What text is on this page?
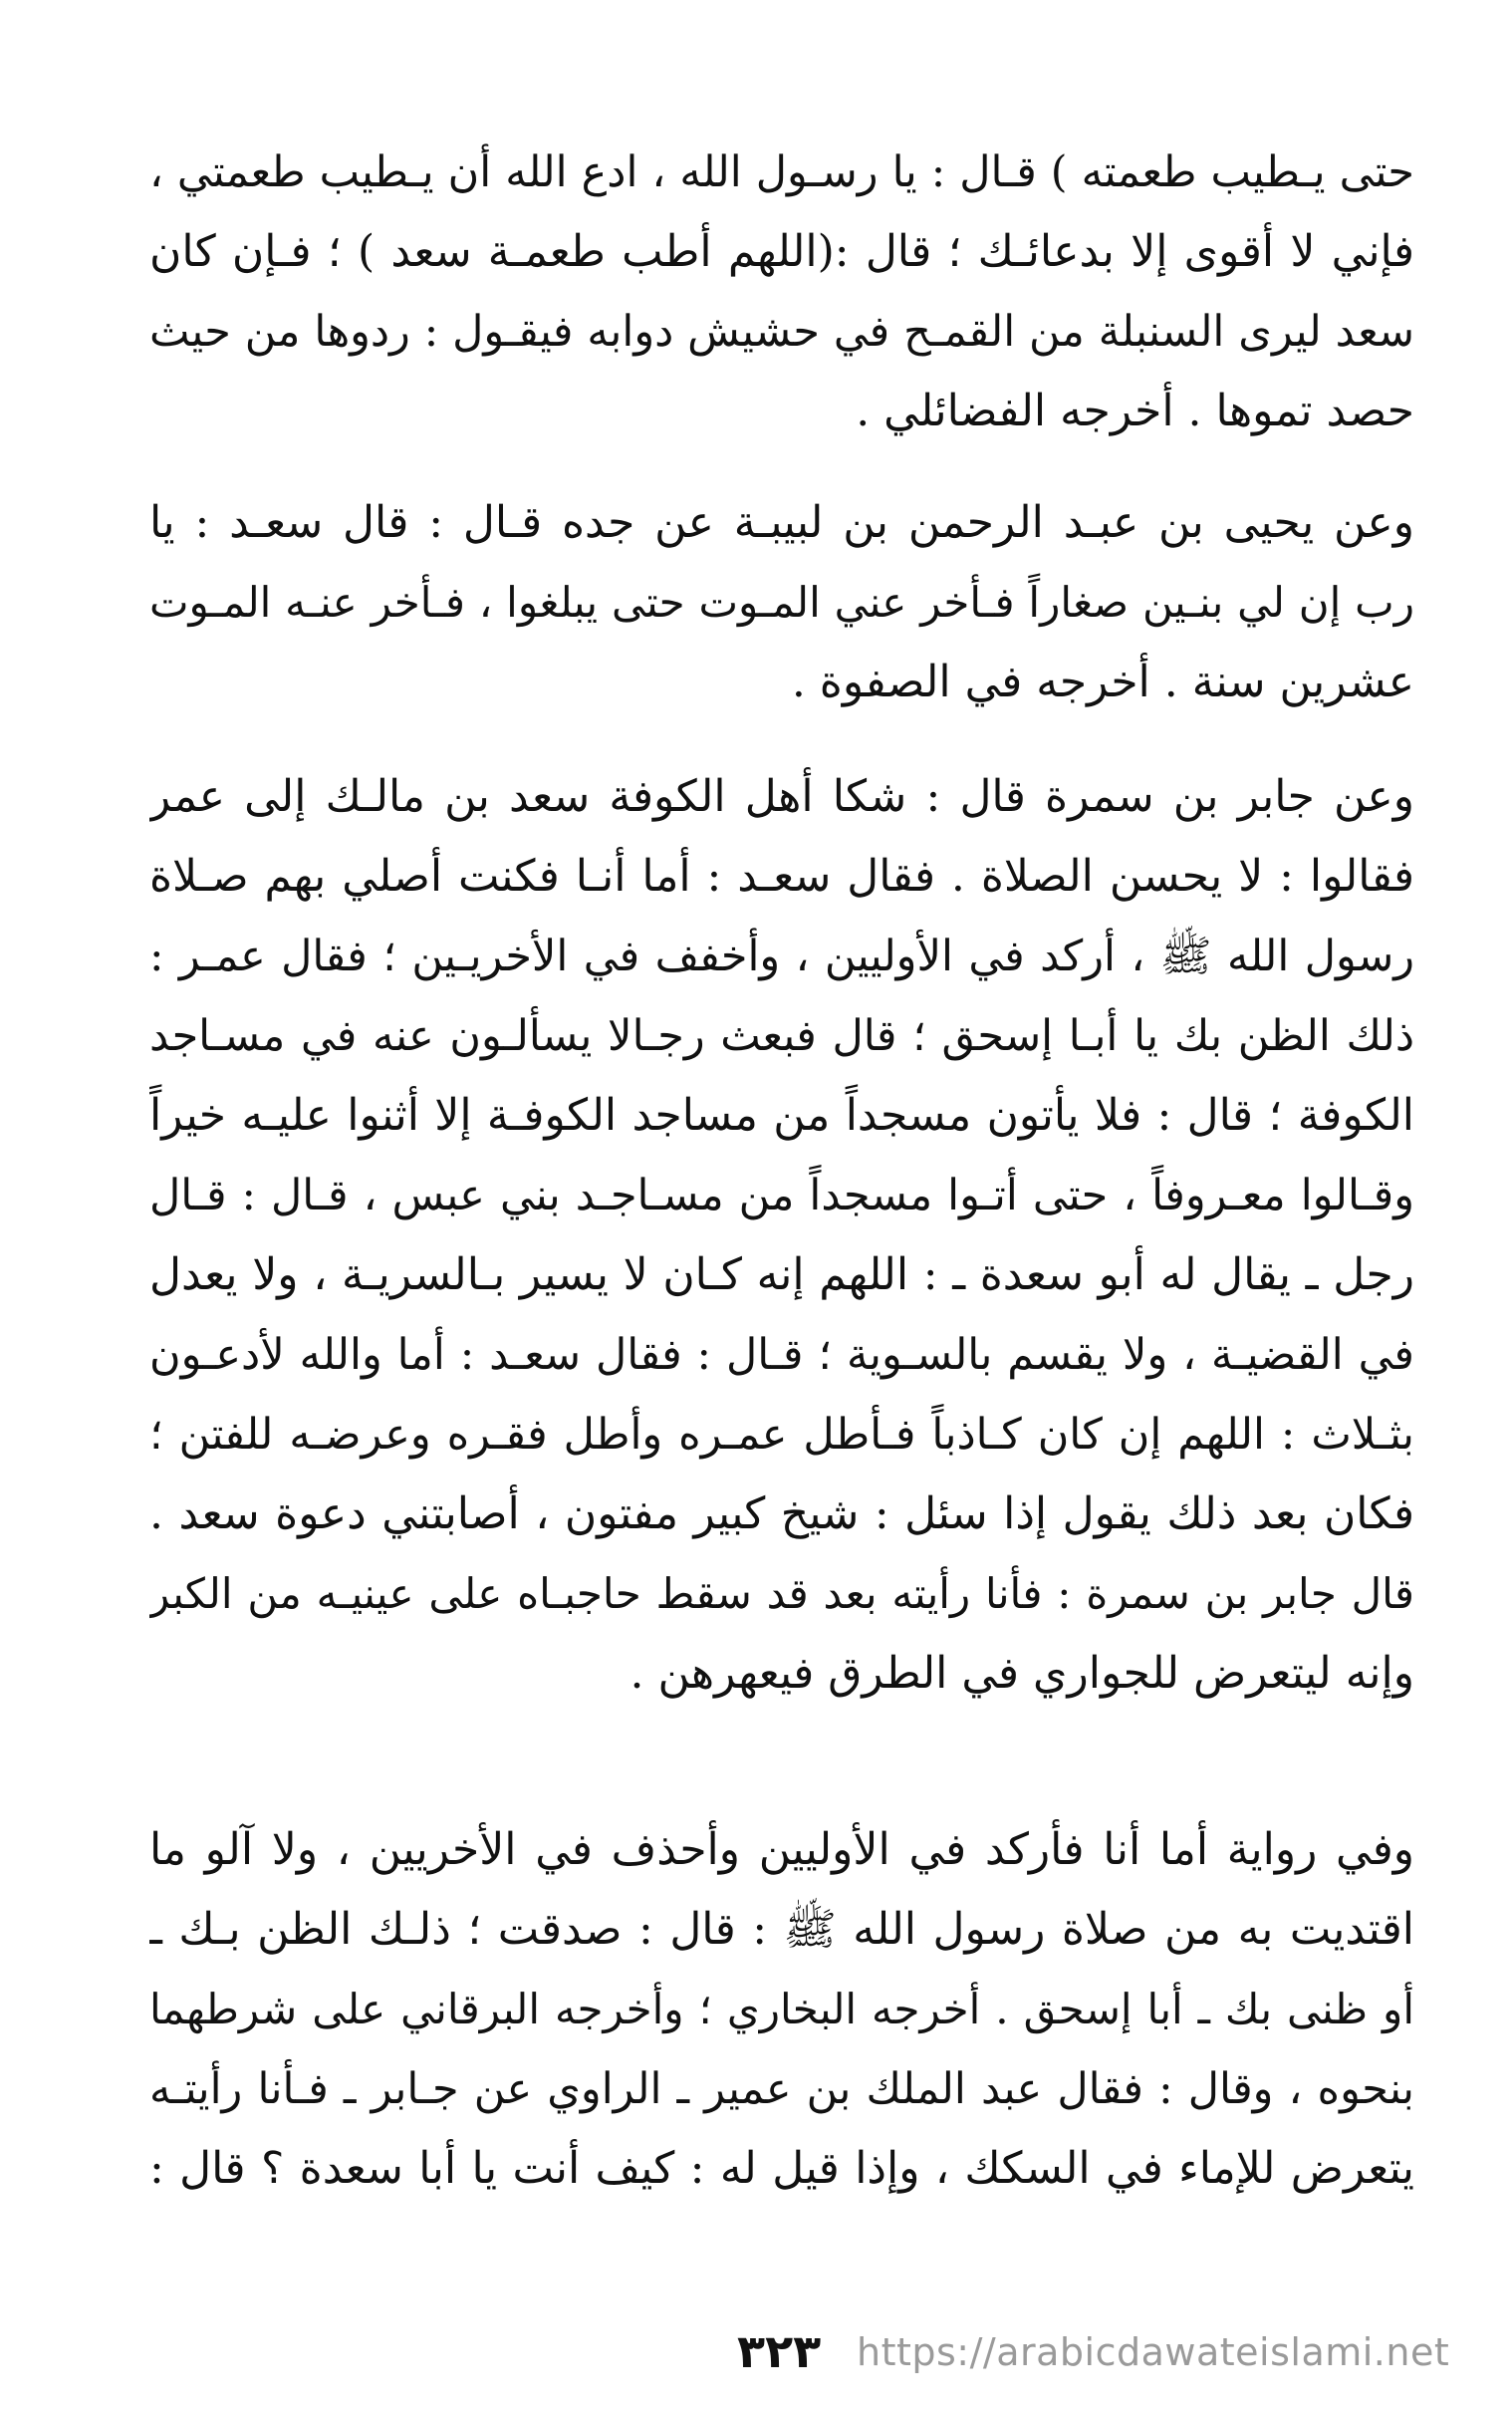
حتى يـطيب طعمته ) قـال : يا رسـول الله ، ادع الله أن يـطيب طعمتي ،
فإني لا أقوى إلا بدعائـك ؛ قال :(اللهم أطب طعمـة سعد ) ؛ فـإن كان
سعد ليرى السنبلة من القمـح في حشيش دوابه فيقـول : ردوها من حيث
حصد تموها . أخرجه الفضائلي .
وعن يحيى بن عبـد الرحمن بن لبيبـة عن جده قـال : قال سعـد : يا
رب إن لي بنـين صغاراً فـأخر عني المـوت حتى يبلغوا ، فـأخر عنـه المـوت
عشرين سنة . أخرجه في الصفوة .
وعن جابر بن سمرة قال : شكا أهل الكوفة سعد بن مالـك إلى عمر
فقالوا : لا يحسن الصلاة . فقال سعـد : أما أنـا فكنت أصلي بهم صـلاة
رسول الله ﷺ ، أركد في الأوليين ، وأخفف في الأخريـين ؛ فقال عمـر :
ذلك الظن بك يا أبـا إسحق ؛ قال فبعث رجـالا يسألـون عنه في مسـاجد
الكوفة ؛ قال : فلا يأتون مسجداً من مساجد الكوفـة إلا أثنوا عليـه خيراً
وقـالوا معـروفاً ، حتى أتـوا مسجداً من مسـاجـد بني عبس ، قـال : قـال
رجل ـ يقال له أبو سعدة ـ : اللهم إنه كـان لا يسير بـالسريـة ، ولا يعدل
في القضيـة ، ولا يقسم بالسـوية ؛ قـال : فقال سعـد : أما والله لأدعـون
بثـلاث : اللهم إن كان كـاذباً فـأطل عمـره وأطل فقـره وعرضـه للفتن ؛
فكان بعد ذلك يقول إذا سئل : شيخ كبير مفتون ، أصابتني دعوة سعد .
قال جابر بن سمرة : فأنا رأيته بعد قد سقط حاجبـاه على عينيـه من الكبر
وإنه ليتعرض للجواري في الطرق فيعهرهن .
وفي رواية أما أنا فأركد في الأوليين وأحذف في الأخريين ، ولا آلو ما
اقتديت به من صلاة رسول الله ﷺ : قال : صدقت ؛ ذلـك الظن بـك ـ
أو ظنى بك ـ أبا إسحق . أخرجه البخاري ؛ وأخرجه البرقاني على شرطهما
بنحوه ، وقال : فقال عبد الملك بن عمير ـ الراوي عن جـابر ـ فـأنا رأيتـه
يتعرض للإماء في السكك ، وإذا قيل له : كيف أنت يا أبا سعدة ؟ قال :
٣٢٣ https://arabicdawateislami.net
